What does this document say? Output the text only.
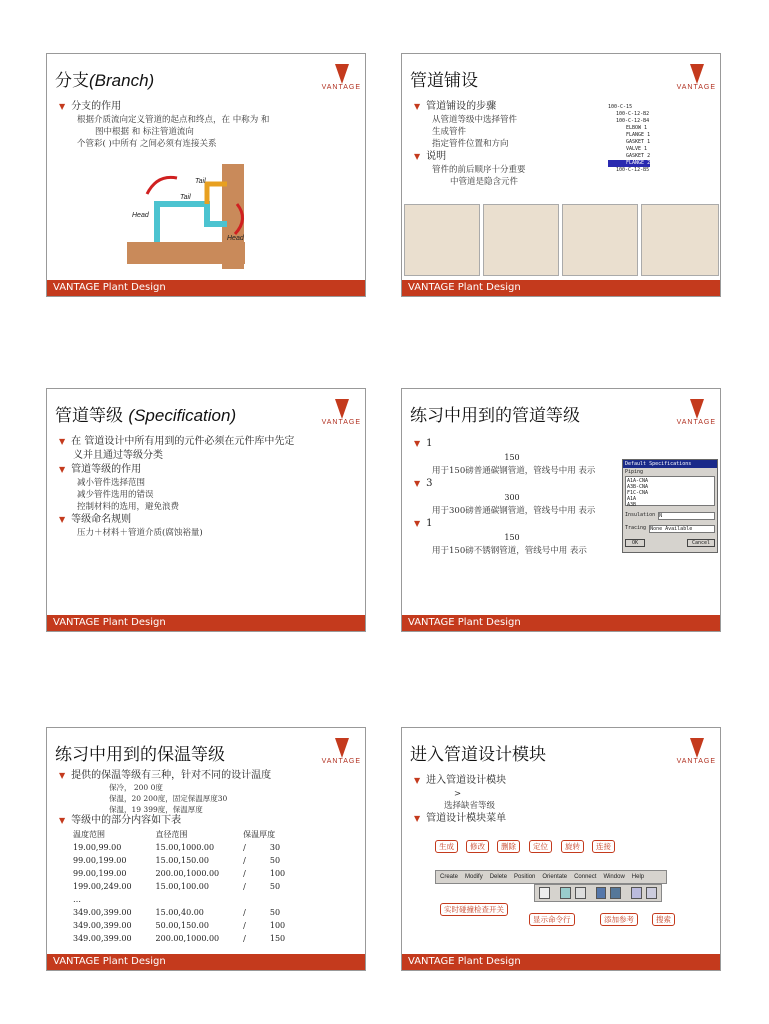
分支(Branch)	VANTAGE
▼ 分支的作用
根据介质流向定义管道的起点和终点，在 中称为 和
图中根据 和 标注管道流向
个管彩( )中所有 之间必须有连接关系
Tail
Tail
Head
Head
VANTAGE Plant Design
管道铺设	VANTAGE
▼ 管道铺设的步骤
从管道等级中选择管件
生成管件
指定管件位置和方向
▼ 说明
管件的前后顺序十分重要
中管道是隐含元件
100-C-15
100-C-12-B2
100-C-12-B4
ELBOW 1
FLANGE 1
GASKET 1
VALVE 1
GASKET 2
FLANGE 2
100-C-12-B5
VANTAGE Plant Design
管道等级 (Specification)	VANTAGE
▼ 在 管道设计中所有用到的元件必须在元件库中先定
义并且通过等级分类
▼ 管道等级的作用
减小管件选择范围
减少管件选用的错误
控制材料的选用，避免浪费
▼ 等级命名规则
压力＋材料＋管道介质(腐蚀裕量)
VANTAGE Plant Design
练习中用到的管道等级	VANTAGE
▼ 1
150
用于150磅普通碳钢管道，管线号中用 表示
▼ 3
300
用于300磅普通碳钢管道，管线号中用 表示
▼ 1
150
用于150磅不锈钢管道，管线号中用 表示
Default Specifications
Piping
A1A-CNA
A3B-CNA
F1C-CNA
A1A
A3B
Insulation N
Tracing None Available
OK	Cancel
VANTAGE Plant Design
练习中用到的保温等级	VANTAGE
▼ 提供的保温等级有三种，针对不同的设计温度
保冷， 200 0度
保温，20 200度，固定保温厚度30
保温，19 399度，保温厚度
▼ 等级中的部分内容如下表
温度范围	直径范围	保温厚度	
19.00,99.00	15.00,1000.00	/	30
99.00,199.00	15.00,150.00	/	50
99.00,199.00	200.00,1000.00	/	100
199.00,249.00	15.00,100.00	/	50
…			
349.00,399.00	15.00,40.00	/	50
349.00,399.00	50.00,150.00	/	100
349.00,399.00	200.00,1000.00	/	150
VANTAGE Plant Design
进入管道设计模块	VANTAGE
▼ 进入管道设计模块
>
选择缺省等级
▼ 管道设计模块菜单
生成	修改	删除	定位	旋转	连接
Create Modify Delete Position Orientate Connect Window Help
实时碰撞检查开关
显示命令行	添加参考	搜索
VANTAGE Plant Design
